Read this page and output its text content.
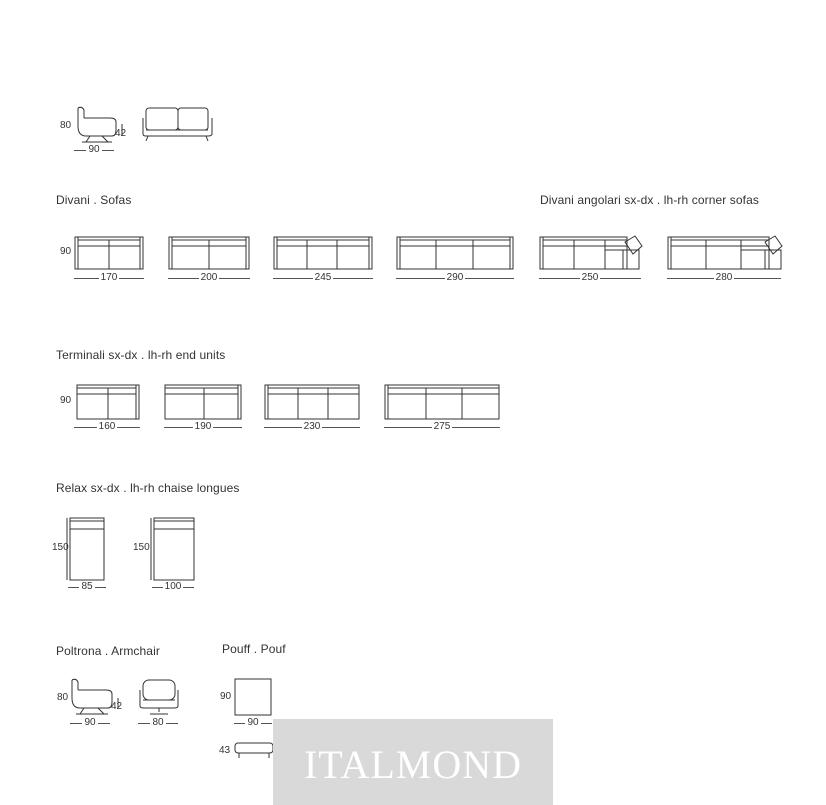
80
42
90
Divani . Sofas
90
170	200	245	290
Divani angolari sx-dx . lh-rh corner sofas
250	280
Terminali sx-dx . lh-rh end units
90
160	190	230	275
Relax sx-dx . lh-rh chaise longues
150
85
150
100
Poltrona . Armchair
80
42
90	80
Pouff . Pouf
90
90
43	ITALMOND
